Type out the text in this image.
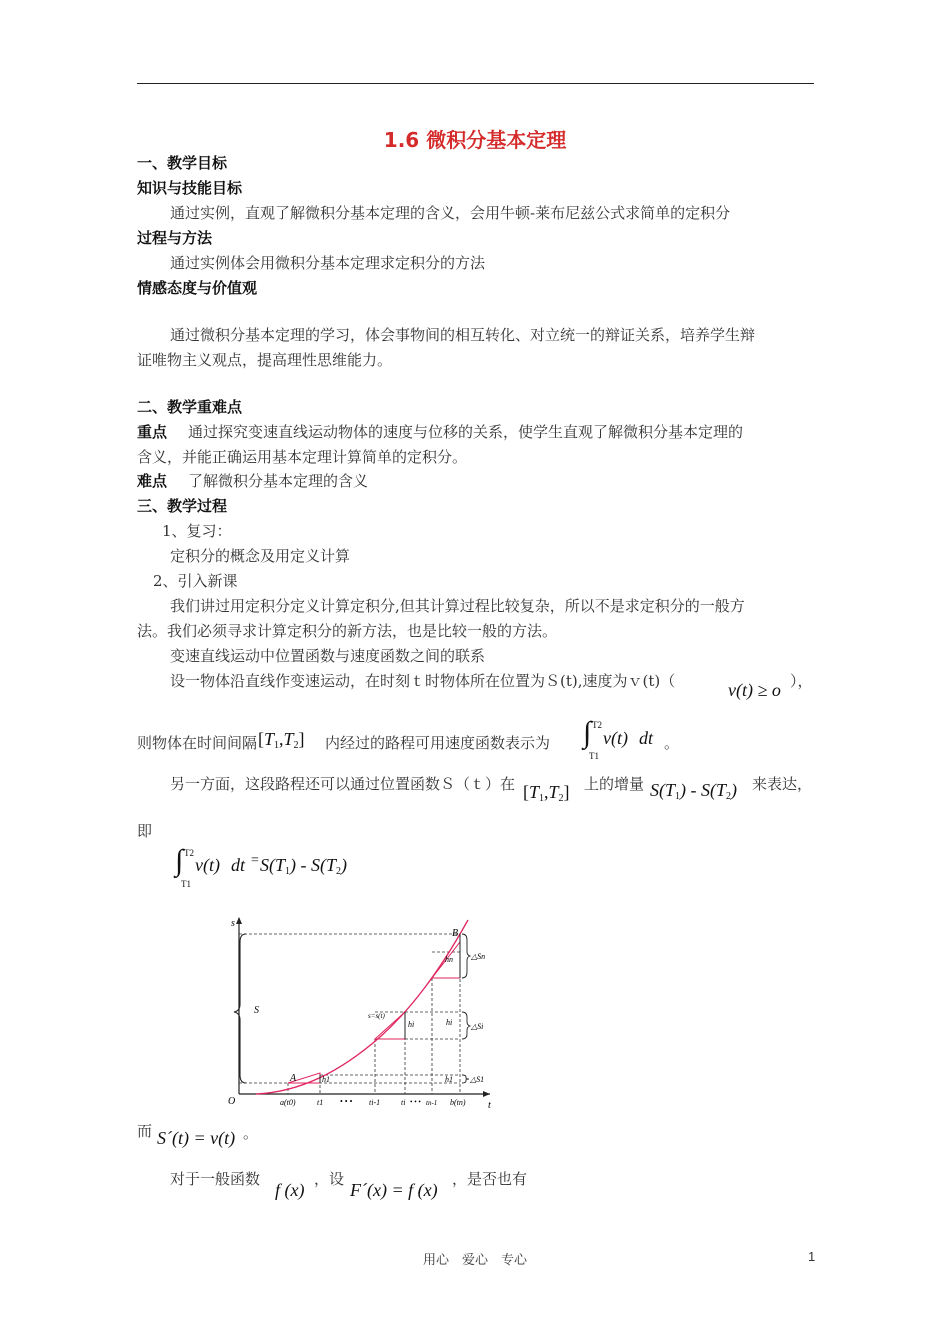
1.6 微积分基本定理
一、教学目标
知识与技能目标
通过实例，直观了解微积分基本定理的含义，会用牛顿-莱布尼兹公式求简单的定积分
过程与方法
通过实例体会用微积分基本定理求定积分的方法
情感态度与价值观
通过微积分基本定理的学习，体会事物间的相互转化、对立统一的辩证关系，培养学生辩
证唯物主义观点，提高理性思维能力。
二、教学重难点
重点 通过探究变速直线运动物体的速度与位移的关系，使学生直观了解微积分基本定理的
含义，并能正确运用基本定理计算简单的定积分。
难点 了解微积分基本定理的含义
三、教学过程
1、复习：
定积分的概念及用定义计算
2、引入新课
我们讲过用定积分定义计算定积分,但其计算过程比较复杂，所以不是求定积分的一般方
法。我们必须寻求计算定积分的新方法，也是比较一般的方法。
变速直线运动中位置函数与速度函数之间的联系
设一物体沿直线作变速运动，在时刻ｔ时物体所在位置为Ｓ(t),速度为ｖ(t)（	v(t) ≥ o ），
则物体在时间间隔 $[T_1,T_2]$ 内经过的路程可用速度函数表示为 ∫ T2
T1
v(t) dt 。
另一方面，这段路程还可以通过位置函数Ｓ（ｔ）在 $[T_1,T_2]$ 上的增量 $S(T_1) - S(T_2)$ 来表达，
即
∫ T2
T1
v(t) dt = $S(T_1) - S(T_2)$
s
t
O
A
B
S	s=s(t)
h1
hi	hi
hn
h1
△Sn
△Si
△S1
a(t0)	t1 • • • ti-1	ti • • • tn-1 b(tn)
而 S´(t) = v(t) 。
对于一般函数
f (x)
，设
F´(x) = f (x)
，是否也有
用心　爱心　专心	1
